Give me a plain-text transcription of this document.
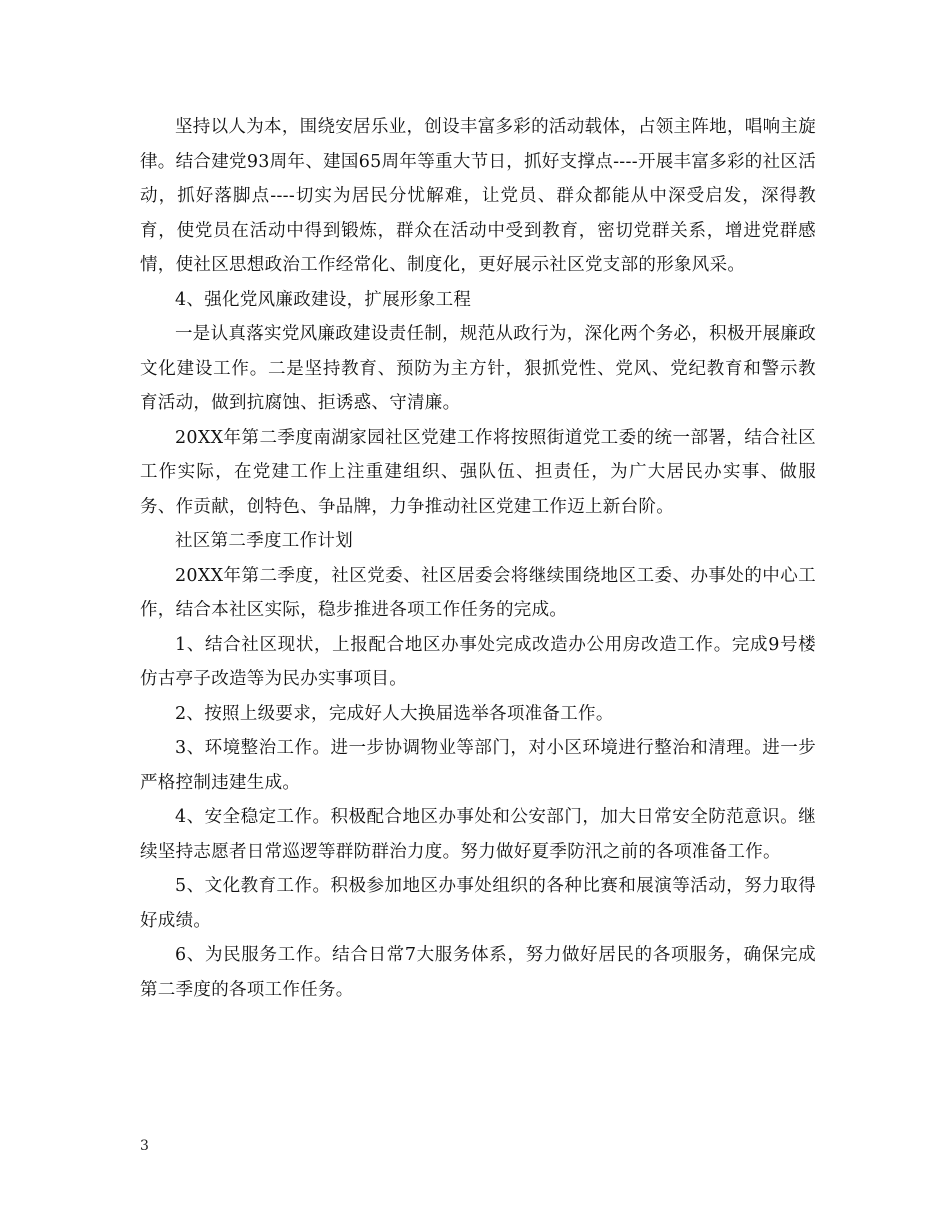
坚持以人为本，围绕安居乐业，创设丰富多彩的活动载体，占领主阵地，唱响主旋律。结合建党93周年、建国65周年等重大节日，抓好支撑点----开展丰富多彩的社区活动，抓好落脚点----切实为居民分忧解难，让党员、群众都能从中深受启发，深得教育，使党员在活动中得到锻炼，群众在活动中受到教育，密切党群关系，增进党群感情，使社区思想政治工作经常化、制度化，更好展示社区党支部的形象风采。

4、强化党风廉政建设，扩展形象工程

一是认真落实党风廉政建设责任制，规范从政行为，深化两个务必，积极开展廉政文化建设工作。二是坚持教育、预防为主方针，狠抓党性、党风、党纪教育和警示教育活动，做到抗腐蚀、拒诱惑、守清廉。

20XX年第二季度南湖家园社区党建工作将按照街道党工委的统一部署，结合社区工作实际，在党建工作上注重建组织、强队伍、担责任，为广大居民办实事、做服务、作贡献，创特色、争品牌，力争推动社区党建工作迈上新台阶。

社区第二季度工作计划

20XX年第二季度，社区党委、社区居委会将继续围绕地区工委、办事处的中心工作，结合本社区实际，稳步推进各项工作任务的完成。

1、结合社区现状，上报配合地区办事处完成改造办公用房改造工作。完成9号楼仿古亭子改造等为民办实事项目。

2、按照上级要求，完成好人大换届选举各项准备工作。

3、环境整治工作。进一步协调物业等部门，对小区环境进行整治和清理。进一步严格控制违建生成。

4、安全稳定工作。积极配合地区办事处和公安部门，加大日常安全防范意识。继续坚持志愿者日常巡逻等群防群治力度。努力做好夏季防汛之前的各项准备工作。

5、文化教育工作。积极参加地区办事处组织的各种比赛和展演等活动，努力取得好成绩。

6、为民服务工作。结合日常7大服务体系，努力做好居民的各项服务，确保完成第二季度的各项工作任务。

3
